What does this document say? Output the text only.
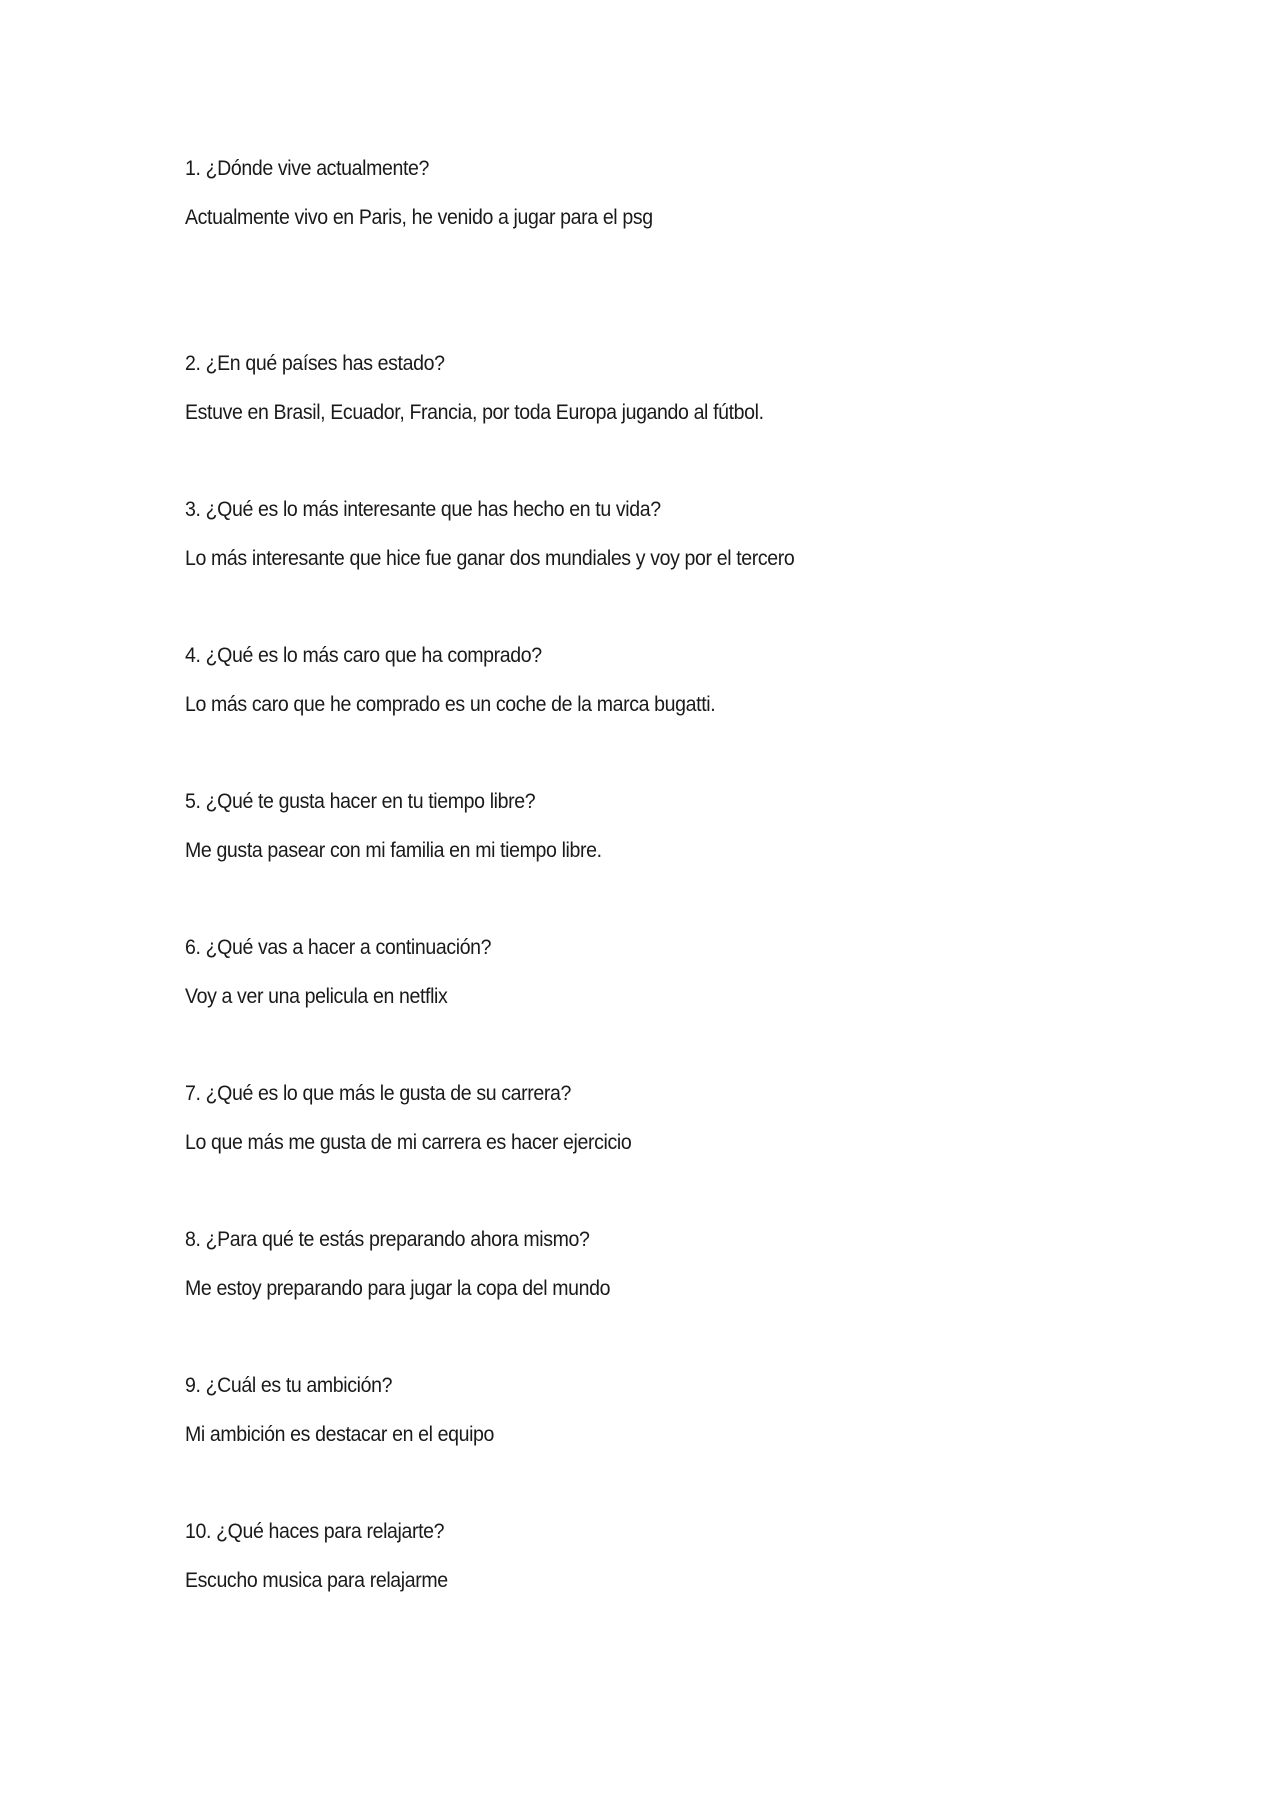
1. ¿Dónde vive actualmente?
Actualmente vivo en Paris, he venido a jugar para el psg
2. ¿En qué países has estado?
Estuve en Brasil, Ecuador, Francia, por toda Europa jugando al fútbol.
3. ¿Qué es lo más interesante que has hecho en tu vida?
Lo más interesante que hice fue ganar dos mundiales y voy por el tercero
4. ¿Qué es lo más caro que ha comprado?
Lo más caro que he comprado es un coche de la marca bugatti.
5. ¿Qué te gusta hacer en tu tiempo libre?
Me gusta pasear con mi familia en mi tiempo libre.
6. ¿Qué vas a hacer a continuación?
Voy a ver una pelicula en netflix
7. ¿Qué es lo que más le gusta de su carrera?
Lo que más me gusta de mi carrera es hacer ejercicio
8. ¿Para qué te estás preparando ahora mismo?
Me estoy preparando para jugar la copa del mundo
9. ¿Cuál es tu ambición?
Mi ambición es destacar en el equipo
10. ¿Qué haces para relajarte?
Escucho musica para relajarme
